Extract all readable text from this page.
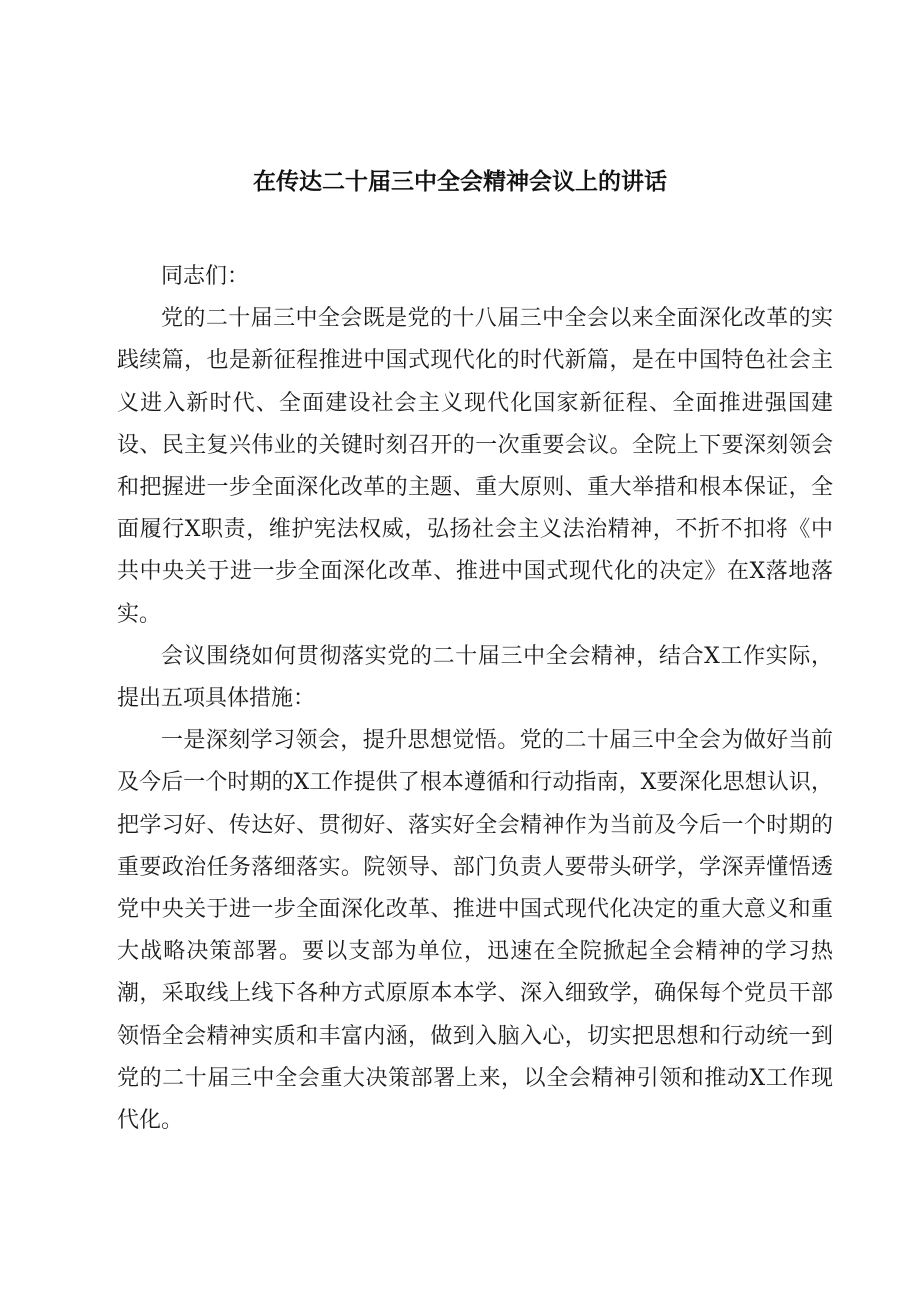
在传达二十届三中全会精神会议上的讲话

同志们：

党的二十届三中全会既是党的十八届三中全会以来全面深化改革的实践续篇，也是新征程推进中国式现代化的时代新篇，是在中国特色社会主义进入新时代、全面建设社会主义现代化国家新征程、全面推进强国建设、民主复兴伟业的关键时刻召开的一次重要会议。全院上下要深刻领会和把握进一步全面深化改革的主题、重大原则、重大举措和根本保证，全面履行X职责，维护宪法权威，弘扬社会主义法治精神，不折不扣将《中共中央关于进一步全面深化改革、推进中国式现代化的决定》在X落地落实。

会议围绕如何贯彻落实党的二十届三中全会精神，结合X工作实际，提出五项具体措施：

一是深刻学习领会，提升思想觉悟。党的二十届三中全会为做好当前及今后一个时期的X工作提供了根本遵循和行动指南，X要深化思想认识，把学习好、传达好、贯彻好、落实好全会精神作为当前及今后一个时期的重要政治任务落细落实。院领导、部门负责人要带头研学，学深弄懂悟透党中央关于进一步全面深化改革、推进中国式现代化决定的重大意义和重大战略决策部署。要以支部为单位，迅速在全院掀起全会精神的学习热潮，采取线上线下各种方式原原本本学、深入细致学，确保每个党员干部领悟全会精神实质和丰富内涵，做到入脑入心，切实把思想和行动统一到党的二十届三中全会重大决策部署上来，以全会精神引领和推动X工作现代化。
